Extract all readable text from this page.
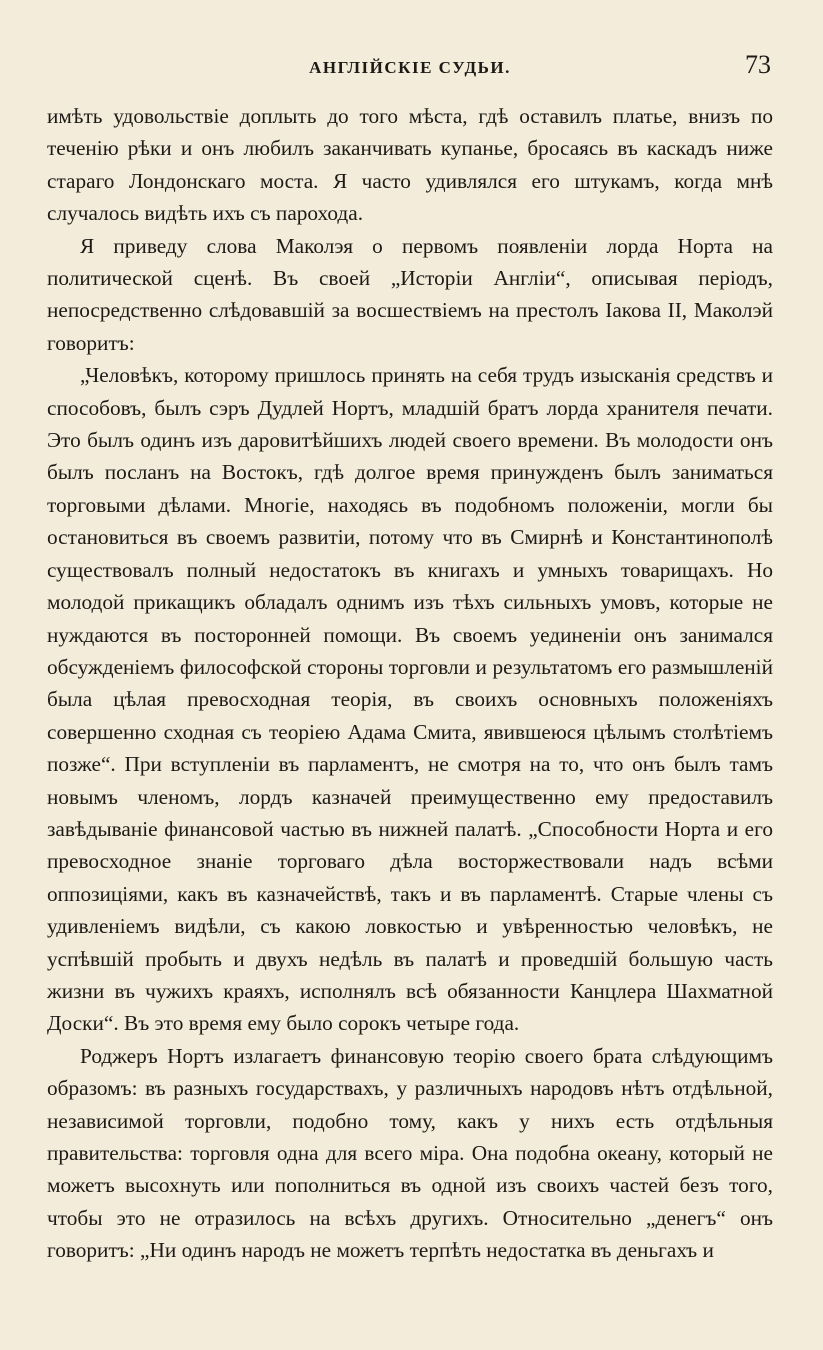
АНГЛІЙСКІЕ СУДЬИ.	73

имѣть удовольствіе доплыть до того мѣста, гдѣ оставилъ платье, внизъ по теченію рѣки и онъ любилъ заканчивать купанье, бросаясь въ каскадъ ниже стараго Лондонскаго моста. Я часто удивлялся его штукамъ, когда мнѣ случалось видѣть ихъ съ парохода.

Я приведу слова Маколэя о первомъ появленіи лорда Норта на политической сценѣ. Въ своей „Исторіи Англіи“, описывая періодъ, непосредственно слѣдовавшій за восшествіемъ на престолъ Іакова II, Маколэй говоритъ:

„Человѣкъ, которому пришлось принять на себя трудъ изысканія средствъ и способовъ, былъ сэръ Дудлей Нортъ, младшій братъ лорда хранителя печати. Это былъ одинъ изъ даровитѣйшихъ людей своего времени. Въ молодости онъ былъ посланъ на Востокъ, гдѣ долгое время принужденъ былъ заниматься торговыми дѣлами. Многіе, находясь въ подобномъ положеніи, могли бы остановиться въ своемъ развитіи, потому что въ Смирнѣ и Константинополѣ существовалъ полный недостатокъ въ книгахъ и умныхъ товарищахъ. Но молодой прикащикъ обладалъ однимъ изъ тѣхъ сильныхъ умовъ, которые не нуждаются въ посторонней помощи. Въ своемъ уединеніи онъ занимался обсужденіемъ философской стороны торговли и результатомъ его размышленій была цѣлая превосходная теорія, въ своихъ основныхъ положеніяхъ совершенно сходная съ теоріею Адама Смита, явившеюся цѣлымъ столѣтіемъ позже“. При вступленіи въ парламентъ, не смотря на то, что онъ былъ тамъ новымъ членомъ, лордъ казначей преимущественно ему предоставилъ завѣдываніе финансовой частью въ нижней палатѣ. „Способности Норта и его превосходное знаніе торговаго дѣла восторжествовали надъ всѣми оппозиціями, какъ въ казначействѣ, такъ и въ парламентѣ. Старые члены съ удивленіемъ видѣли, съ какою ловкостью и увѣренностью человѣкъ, не успѣвшій пробыть и двухъ недѣль въ палатѣ и проведшій большую часть жизни въ чужихъ краяхъ, исполнялъ всѣ обязанности Канцлера Шахматной Доски“. Въ это время ему было сорокъ четыре года.

Роджеръ Нортъ излагаетъ финансовую теорію своего брата слѣдующимъ образомъ: въ разныхъ государствахъ, у различныхъ народовъ нѣтъ отдѣльной, независимой торговли, подобно тому, какъ у нихъ есть отдѣльныя правительства: торговля одна для всего міра. Она подобна океану, который не можетъ высохнуть или пополниться въ одной изъ своихъ частей безъ того, чтобы это не отразилось на всѣхъ другихъ. Относительно „денегъ“ онъ говоритъ: „Ни одинъ народъ не можетъ терпѣть недостатка въ деньгахъ и
